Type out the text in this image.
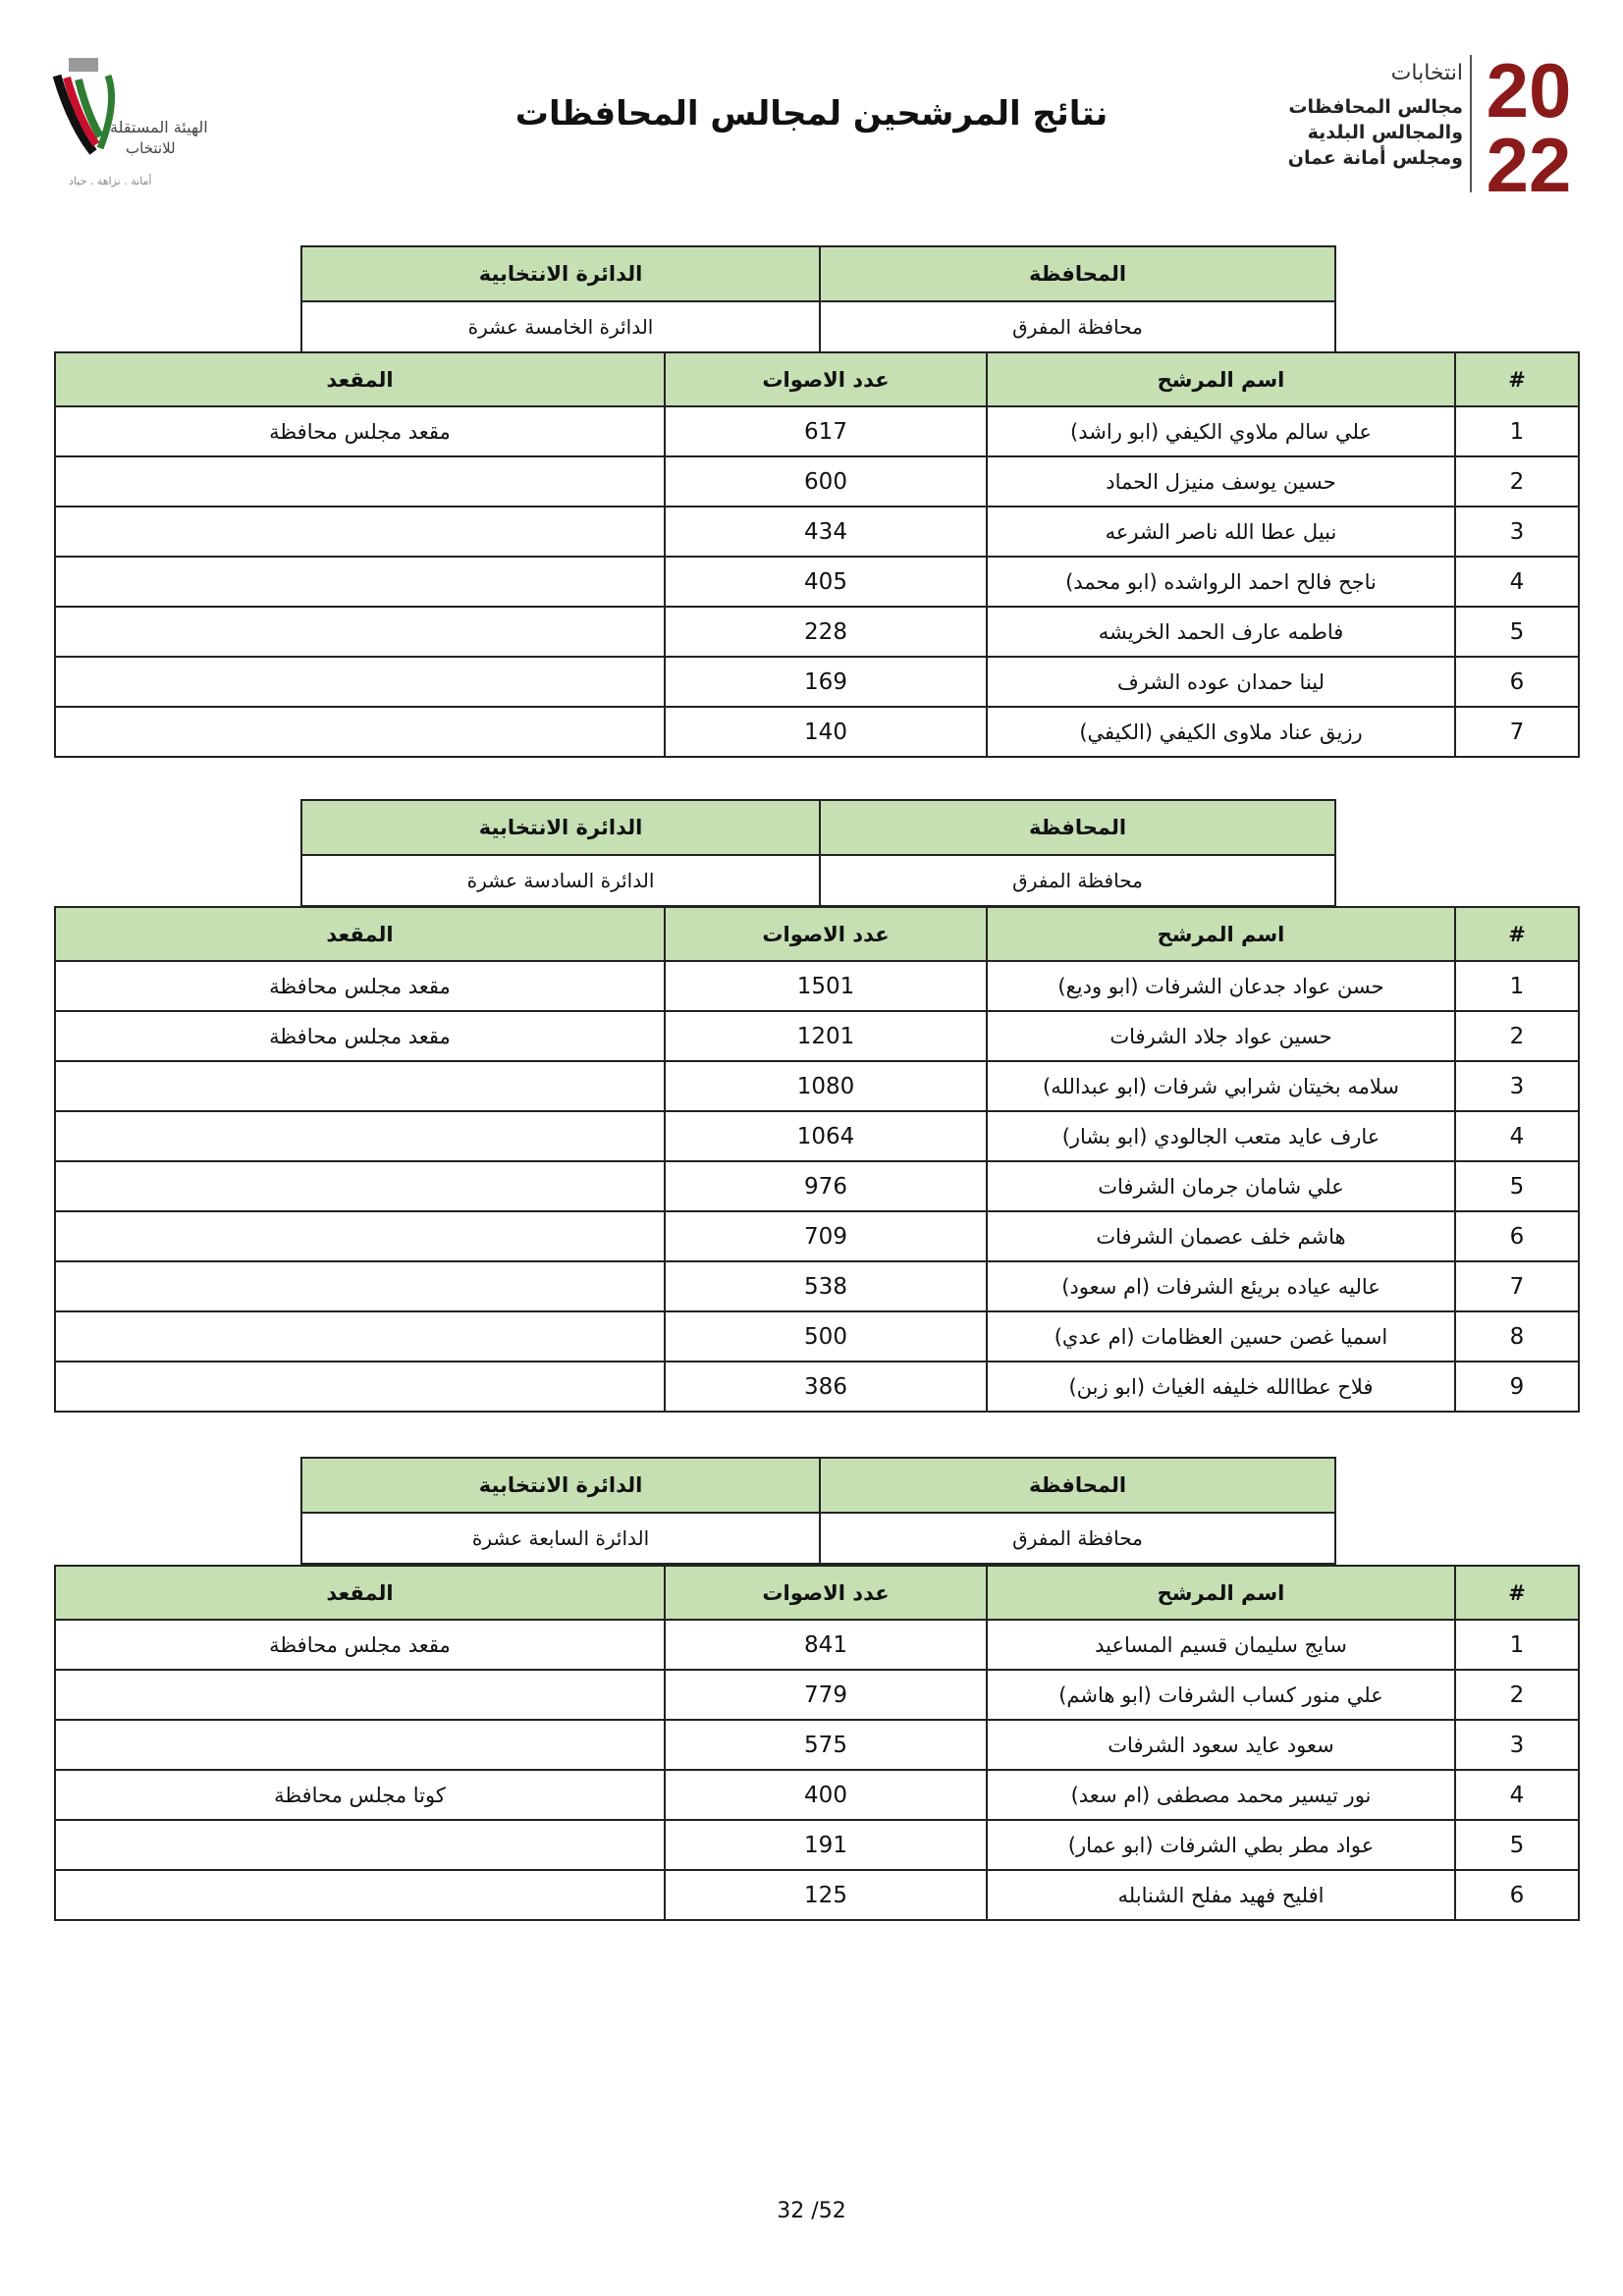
الهيئة المستقلة
للانتخاب
أمانة . نزاهة . حياد
نتائج المرشحين لمجالس المحافظات
انتخابات
مجالس المحافظات
والمجالس البلدية
ومجلس أمانة عمان
20
22
المحافظة	الدائرة الانتخابية
محافظة المفرق	الدائرة الخامسة عشرة
#	اسم المرشح	عدد الاصوات	المقعد
1	علي سالم ملاوي الكيفي (ابو راشد)	617	مقعد مجلس محافظة
2	حسين يوسف منيزل الحماد	600	
3	نبيل عطا الله ناصر الشرعه	434	
4	ناجح فالح احمد الرواشده (ابو محمد)	405	
5	فاطمه عارف الحمد الخريشه	228	
6	لينا حمدان عوده الشرف	169	
7	رزيق عناد ملاوى الكيفي (الكيفي)	140	
المحافظة	الدائرة الانتخابية
محافظة المفرق	الدائرة السادسة عشرة
#	اسم المرشح	عدد الاصوات	المقعد
1	حسن عواد جدعان الشرفات (ابو وديع)	1501	مقعد مجلس محافظة
2	حسين عواد جلاد الشرفات	1201	مقعد مجلس محافظة
3	سلامه بخيتان شرابي شرفات (ابو عبدالله)	1080	
4	عارف عايد متعب الجالودي (ابو بشار)	1064	
5	علي شامان جرمان الشرفات	976	
6	هاشم خلف عصمان الشرفات	709	
7	عاليه عياده بريئع الشرفات (ام سعود)	538	
8	اسميا غصن حسين العظامات (ام عدي)	500	
9	فلاح عطاالله خليفه الغياث (ابو زبن)	386	
المحافظة	الدائرة الانتخابية
محافظة المفرق	الدائرة السابعة عشرة
#	اسم المرشح	عدد الاصوات	المقعد
1	سايج سليمان قسيم المساعيد	841	مقعد مجلس محافظة
2	علي منور كساب الشرفات (ابو هاشم)	779	
3	سعود عايد سعود الشرفات	575	
4	نور تيسير محمد مصطفى (ام سعد)	400	كوتا مجلس محافظة
5	عواد مطر بطي الشرفات (ابو عمار)	191	
6	افليح فهيد مفلح الشنابله	125	
32 /52
